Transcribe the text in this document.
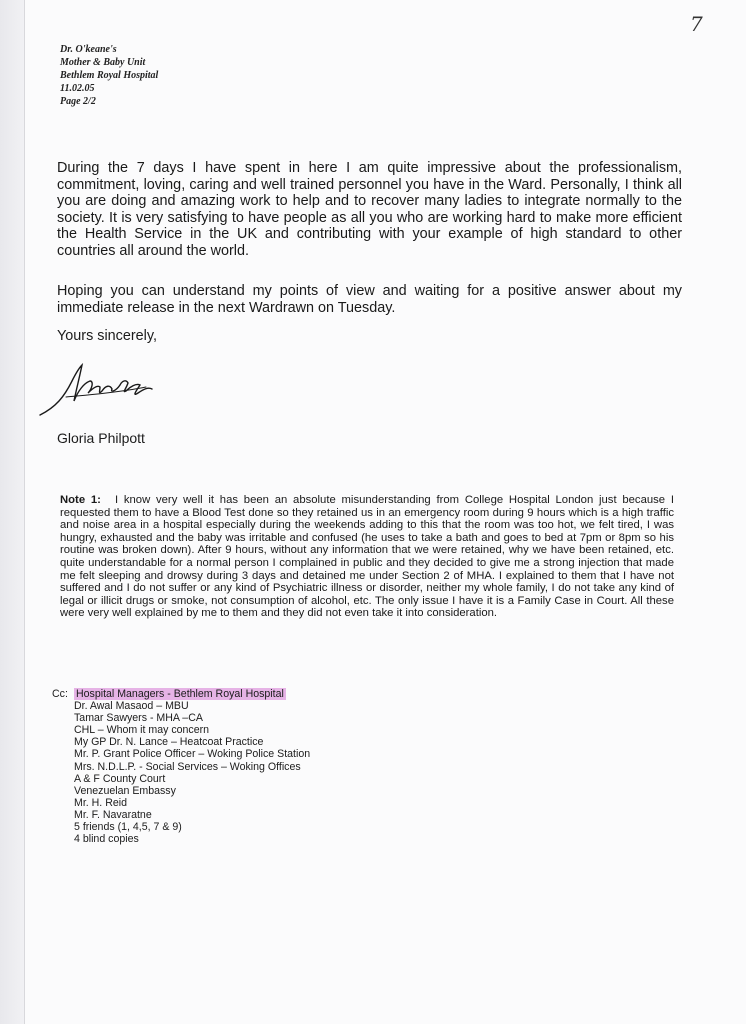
7
Dr. O'keane's
Mother & Baby Unit
Bethlem Royal Hospital
11.02.05
Page 2/2
During the 7 days I have spent in here I am quite impressive about the professionalism, commitment, loving, caring and well trained personnel you have in the Ward. Personally, I think all you are doing and amazing work to help and to recover many ladies to integrate normally to the society. It is very satisfying to have people as all you who are working hard to make more efficient the Health Service in the UK and contributing with your example of high standard to other countries all around the world.
Hoping you can understand my points of view and waiting for a positive answer about my immediate release in the next Wardrawn on Tuesday.
Yours sincerely,
Gloria Philpott
Note 1: I know very well it has been an absolute misunderstanding from College Hospital London just because I requested them to have a Blood Test done so they retained us in an emergency room during 9 hours which is a high traffic and noise area in a hospital especially during the weekends adding to this that the room was too hot, we felt tired, I was hungry, exhausted and the baby was irritable and confused (he uses to take a bath and goes to bed at 7pm or 8pm so his routine was broken down). After 9 hours, without any information that we were retained, why we have been retained, etc. quite understandable for a normal person I complained in public and they decided to give me a strong injection that made me felt sleeping and drowsy during 3 days and detained me under Section 2 of MHA. I explained to them that I have not suffered and I do not suffer or any kind of Psychiatric illness or disorder, neither my whole family, I do not take any kind of legal or illicit drugs or smoke, not consumption of alcohol, etc. The only issue I have it is a Family Case in Court. All these were very well explained by me to them and they did not even take it into consideration.
Cc: Hospital Managers - Bethlem Royal Hospital
Dr. Awal Masaod – MBU
Tamar Sawyers - MHA –CA
CHL – Whom it may concern
My GP Dr. N. Lance – Heatcoat Practice
Mr. P. Grant Police Officer – Woking Police Station
Mrs. N.D.L.P. - Social Services – Woking Offices
A & F County Court
Venezuelan Embassy
Mr. H. Reid
Mr. F. Navaratne
5 friends (1, 4,5, 7 & 9)
4 blind copies
